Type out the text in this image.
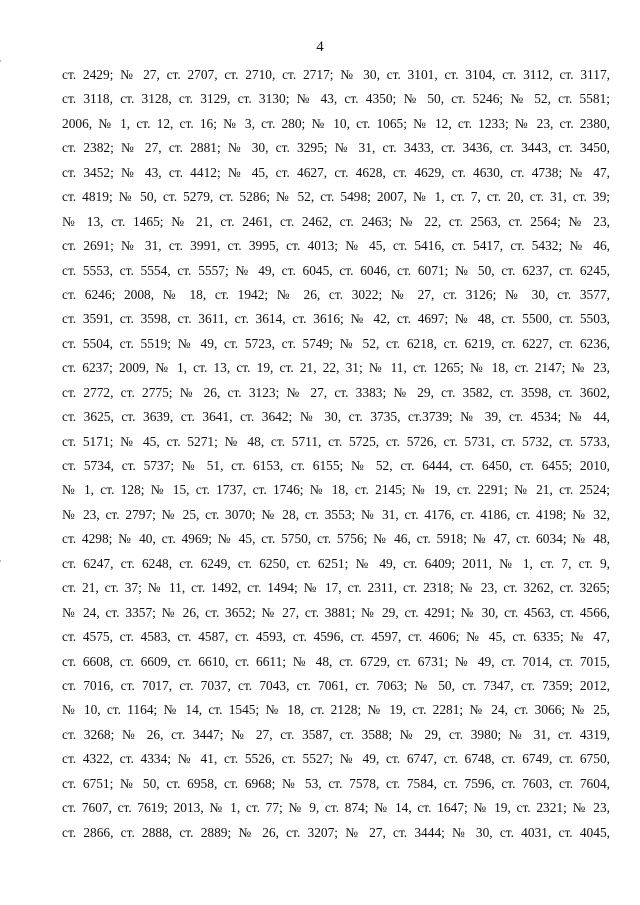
4
ст. 2429; № 27, ст. 2707, ст. 2710, ст. 2717; № 30, ст. 3101, ст. 3104, ст. 3112, ст. 3117,
ст. 3118, ст. 3128, ст. 3129, ст. 3130; № 43, ст. 4350; № 50, ст. 5246; № 52, ст. 5581;
2006, № 1, ст. 12, ст. 16; № 3, ст. 280; № 10, ст. 1065; № 12, ст. 1233; № 23, ст. 2380,
ст. 2382; № 27, ст. 2881; № 30, ст. 3295; № 31, ст. 3433, ст. 3436, ст. 3443, ст. 3450,
ст. 3452; № 43, ст. 4412; № 45, ст. 4627, ст. 4628, ст. 4629, ст. 4630, ст. 4738; № 47,
ст. 4819; № 50, ст. 5279, ст. 5286; № 52, ст. 5498; 2007, № 1, ст. 7, ст. 20, ст. 31, ст. 39;
№ 13, ст. 1465; № 21, ст. 2461, ст. 2462, ст. 2463; № 22, ст. 2563, ст. 2564; № 23,
ст. 2691; № 31, ст. 3991, ст. 3995, ст. 4013; № 45, ст. 5416, ст. 5417, ст. 5432; № 46,
ст. 5553, ст. 5554, ст. 5557; № 49, ст. 6045, ст. 6046, ст. 6071; № 50, ст. 6237, ст. 6245,
ст. 6246; 2008, № 18, ст. 1942; № 26, ст. 3022; № 27, ст. 3126; № 30, ст. 3577,
ст. 3591, ст. 3598, ст. 3611, ст. 3614, ст. 3616; № 42, ст. 4697; № 48, ст. 5500, ст. 5503,
ст. 5504, ст. 5519; № 49, ст. 5723, ст. 5749; № 52, ст. 6218, ст. 6219, ст. 6227, ст. 6236,
ст. 6237; 2009, № 1, ст. 13, ст. 19, ст. 21, 22, 31; № 11, ст. 1265; № 18, ст. 2147; № 23,
ст. 2772, ст. 2775; № 26, ст. 3123; № 27, ст. 3383; № 29, ст. 3582, ст. 3598, ст. 3602,
ст. 3625, ст. 3639, ст. 3641, ст. 3642; № 30, ст. 3735, ст.3739; № 39, ст. 4534; № 44,
ст. 5171; № 45, ст. 5271; № 48, ст. 5711, ст. 5725, ст. 5726, ст. 5731, ст. 5732, ст. 5733,
ст. 5734, ст. 5737; № 51, ст. 6153, ст. 6155; № 52, ст. 6444, ст. 6450, ст. 6455; 2010,
№ 1, ст. 128; № 15, ст. 1737, ст. 1746; № 18, ст. 2145; № 19, ст. 2291; № 21, ст. 2524;
№ 23, ст. 2797; № 25, ст. 3070; № 28, ст. 3553; № 31, ст. 4176, ст. 4186, ст. 4198; № 32,
ст. 4298; № 40, ст. 4969; № 45, ст. 5750, ст. 5756; № 46, ст. 5918; № 47, ст. 6034; № 48,
ст. 6247, ст. 6248, ст. 6249, ст. 6250, ст. 6251; № 49, ст. 6409; 2011, № 1, ст. 7, ст. 9,
ст. 21, ст. 37; № 11, ст. 1492, ст. 1494; № 17, ст. 2311, ст. 2318; № 23, ст. 3262, ст. 3265;
№ 24, ст. 3357; № 26, ст. 3652; № 27, ст. 3881; № 29, ст. 4291; № 30, ст. 4563, ст. 4566,
ст. 4575, ст. 4583, ст. 4587, ст. 4593, ст. 4596, ст. 4597, ст. 4606; № 45, ст. 6335; № 47,
ст. 6608, ст. 6609, ст. 6610, ст. 6611; № 48, ст. 6729, ст. 6731; № 49, ст. 7014, ст. 7015,
ст. 7016, ст. 7017, ст. 7037, ст. 7043, ст. 7061, ст. 7063; № 50, ст. 7347, ст. 7359; 2012,
№ 10, ст. 1164; № 14, ст. 1545; № 18, ст. 2128; № 19, ст. 2281; № 24, ст. 3066; № 25,
ст. 3268; № 26, ст. 3447; № 27, ст. 3587, ст. 3588; № 29, ст. 3980; № 31, ст. 4319,
ст. 4322, ст. 4334; № 41, ст. 5526, ст. 5527; № 49, ст. 6747, ст. 6748, ст. 6749, ст. 6750,
ст. 6751; № 50, ст. 6958, ст. 6968; № 53, ст. 7578, ст. 7584, ст. 7596, ст. 7603, ст. 7604,
ст. 7607, ст. 7619; 2013, № 1, ст. 77; № 9, ст. 874; № 14, ст. 1647; № 19, ст. 2321; № 23,
ст. 2866, ст. 2888, ст. 2889; № 26, ст. 3207; № 27, ст. 3444; № 30, ст. 4031, ст. 4045,
